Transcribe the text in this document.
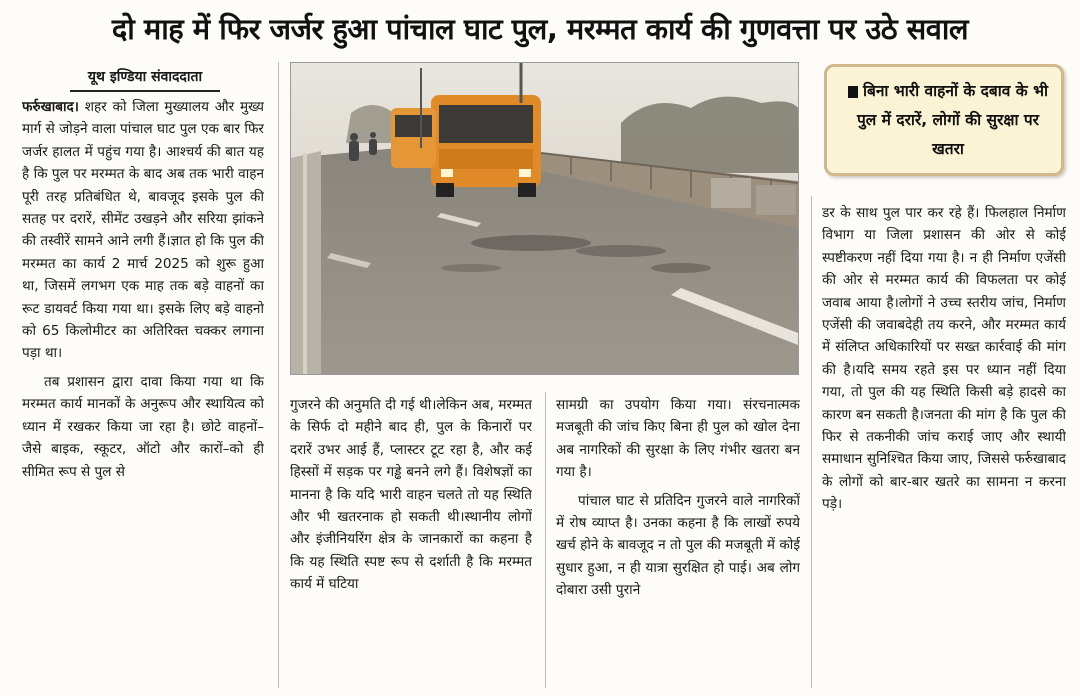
दो माह में फिर जर्जर हुआ पांचाल घाट पुल, मरम्मत कार्य की गुणवत्ता पर उठे सवाल
यूथ इण्डिया संवाददाता

फर्रुखाबाद। शहर को जिला मुख्यालय और मुख्य मार्ग से जोड़ने वाला पांचाल घाट पुल एक बार फिर जर्जर हालत में पहुंच गया है। आश्चर्य की बात यह है कि पुल पर मरम्मत के बाद अब तक भारी वाहन पूरी तरह प्रतिबंधित थे, बावजूद इसके पुल की सतह पर दरारें, सीमेंट उखड़ने और सरिया झांकने की तस्वीरें सामने आने लगी हैं।ज्ञात हो कि पुल की मरम्मत का कार्य 2 मार्च 2025 को शुरू हुआ था, जिसमें लगभग एक माह तक बड़े वाहनों का रूट डायवर्ट किया गया था। इसके लिए बड़े वाहनो को 65 किलोमीटर का अतिरिक्त चक्कर लगाना पड़ा था।

तब प्रशासन द्वारा दावा किया गया था कि मरम्मत कार्य मानकों के अनुरूप और स्थायित्व को ध्यान में रखकर किया जा रहा है। छोटे वाहनों–जैसे बाइक, स्कूटर, ऑटो और कारों–को ही सीमित रूप से पुल से

बिना भारी वाहनों के दबाव के भी पुल में दरारें, लोगों की सुरक्षा पर खतरा

गुजरने की अनुमति दी गई थी।लेकिन अब, मरम्मत के सिर्फ दो महीने बाद ही, पुल के किनारों पर दरारें उभर आई हैं, प्लास्टर टूट रहा है, और कई हिस्सों में सड़क पर गड्ढे बनने लगे हैं। विशेषज्ञों का मानना है कि यदि भारी वाहन चलते तो यह स्थिति और भी खतरनाक हो सकती थी।स्थानीय लोगों और इंजीनियरिंग क्षेत्र के जानकारों का कहना है कि यह स्थिति स्पष्ट रूप से दर्शाती है कि मरम्मत कार्य में घटिया

सामग्री का उपयोग किया गया। संरचनात्मक मजबूती की जांच किए बिना ही पुल को खोल देना अब नागरिकों की सुरक्षा के लिए गंभीर खतरा बन गया है।

पांचाल घाट से प्रतिदिन गुजरने वाले नागरिकों में रोष व्याप्त है। उनका कहना है कि लाखों रुपये खर्च होने के बावजूद न तो पुल की मजबूती में कोई सुधार हुआ, न ही यात्रा सुरक्षित हो पाई। अब लोग दोबारा उसी पुराने

डर के साथ पुल पार कर रहे हैं। फिलहाल निर्माण विभाग या जिला प्रशासन की ओर से कोई स्पष्टीकरण नहीं दिया गया है। न ही निर्माण एजेंसी की ओर से मरम्मत कार्य की विफलता पर कोई जवाब आया है।लोगों ने उच्च स्तरीय जांच, निर्माण एजेंसी की जवाबदेही तय करने, और मरम्मत कार्य में संलिप्त अधिकारियों पर सख्त कार्रवाई की मांग की है।यदि समय रहते इस पर ध्यान नहीं दिया गया, तो पुल की यह स्थिति किसी बड़े हादसे का कारण बन सकती है।जनता की मांग है कि पुल की फिर से तकनीकी जांच कराई जाए और स्थायी समाधान सुनिश्चित किया जाए, जिससे फर्रुखाबाद के लोगों को बार-बार खतरे का सामना न करना पड़े।
